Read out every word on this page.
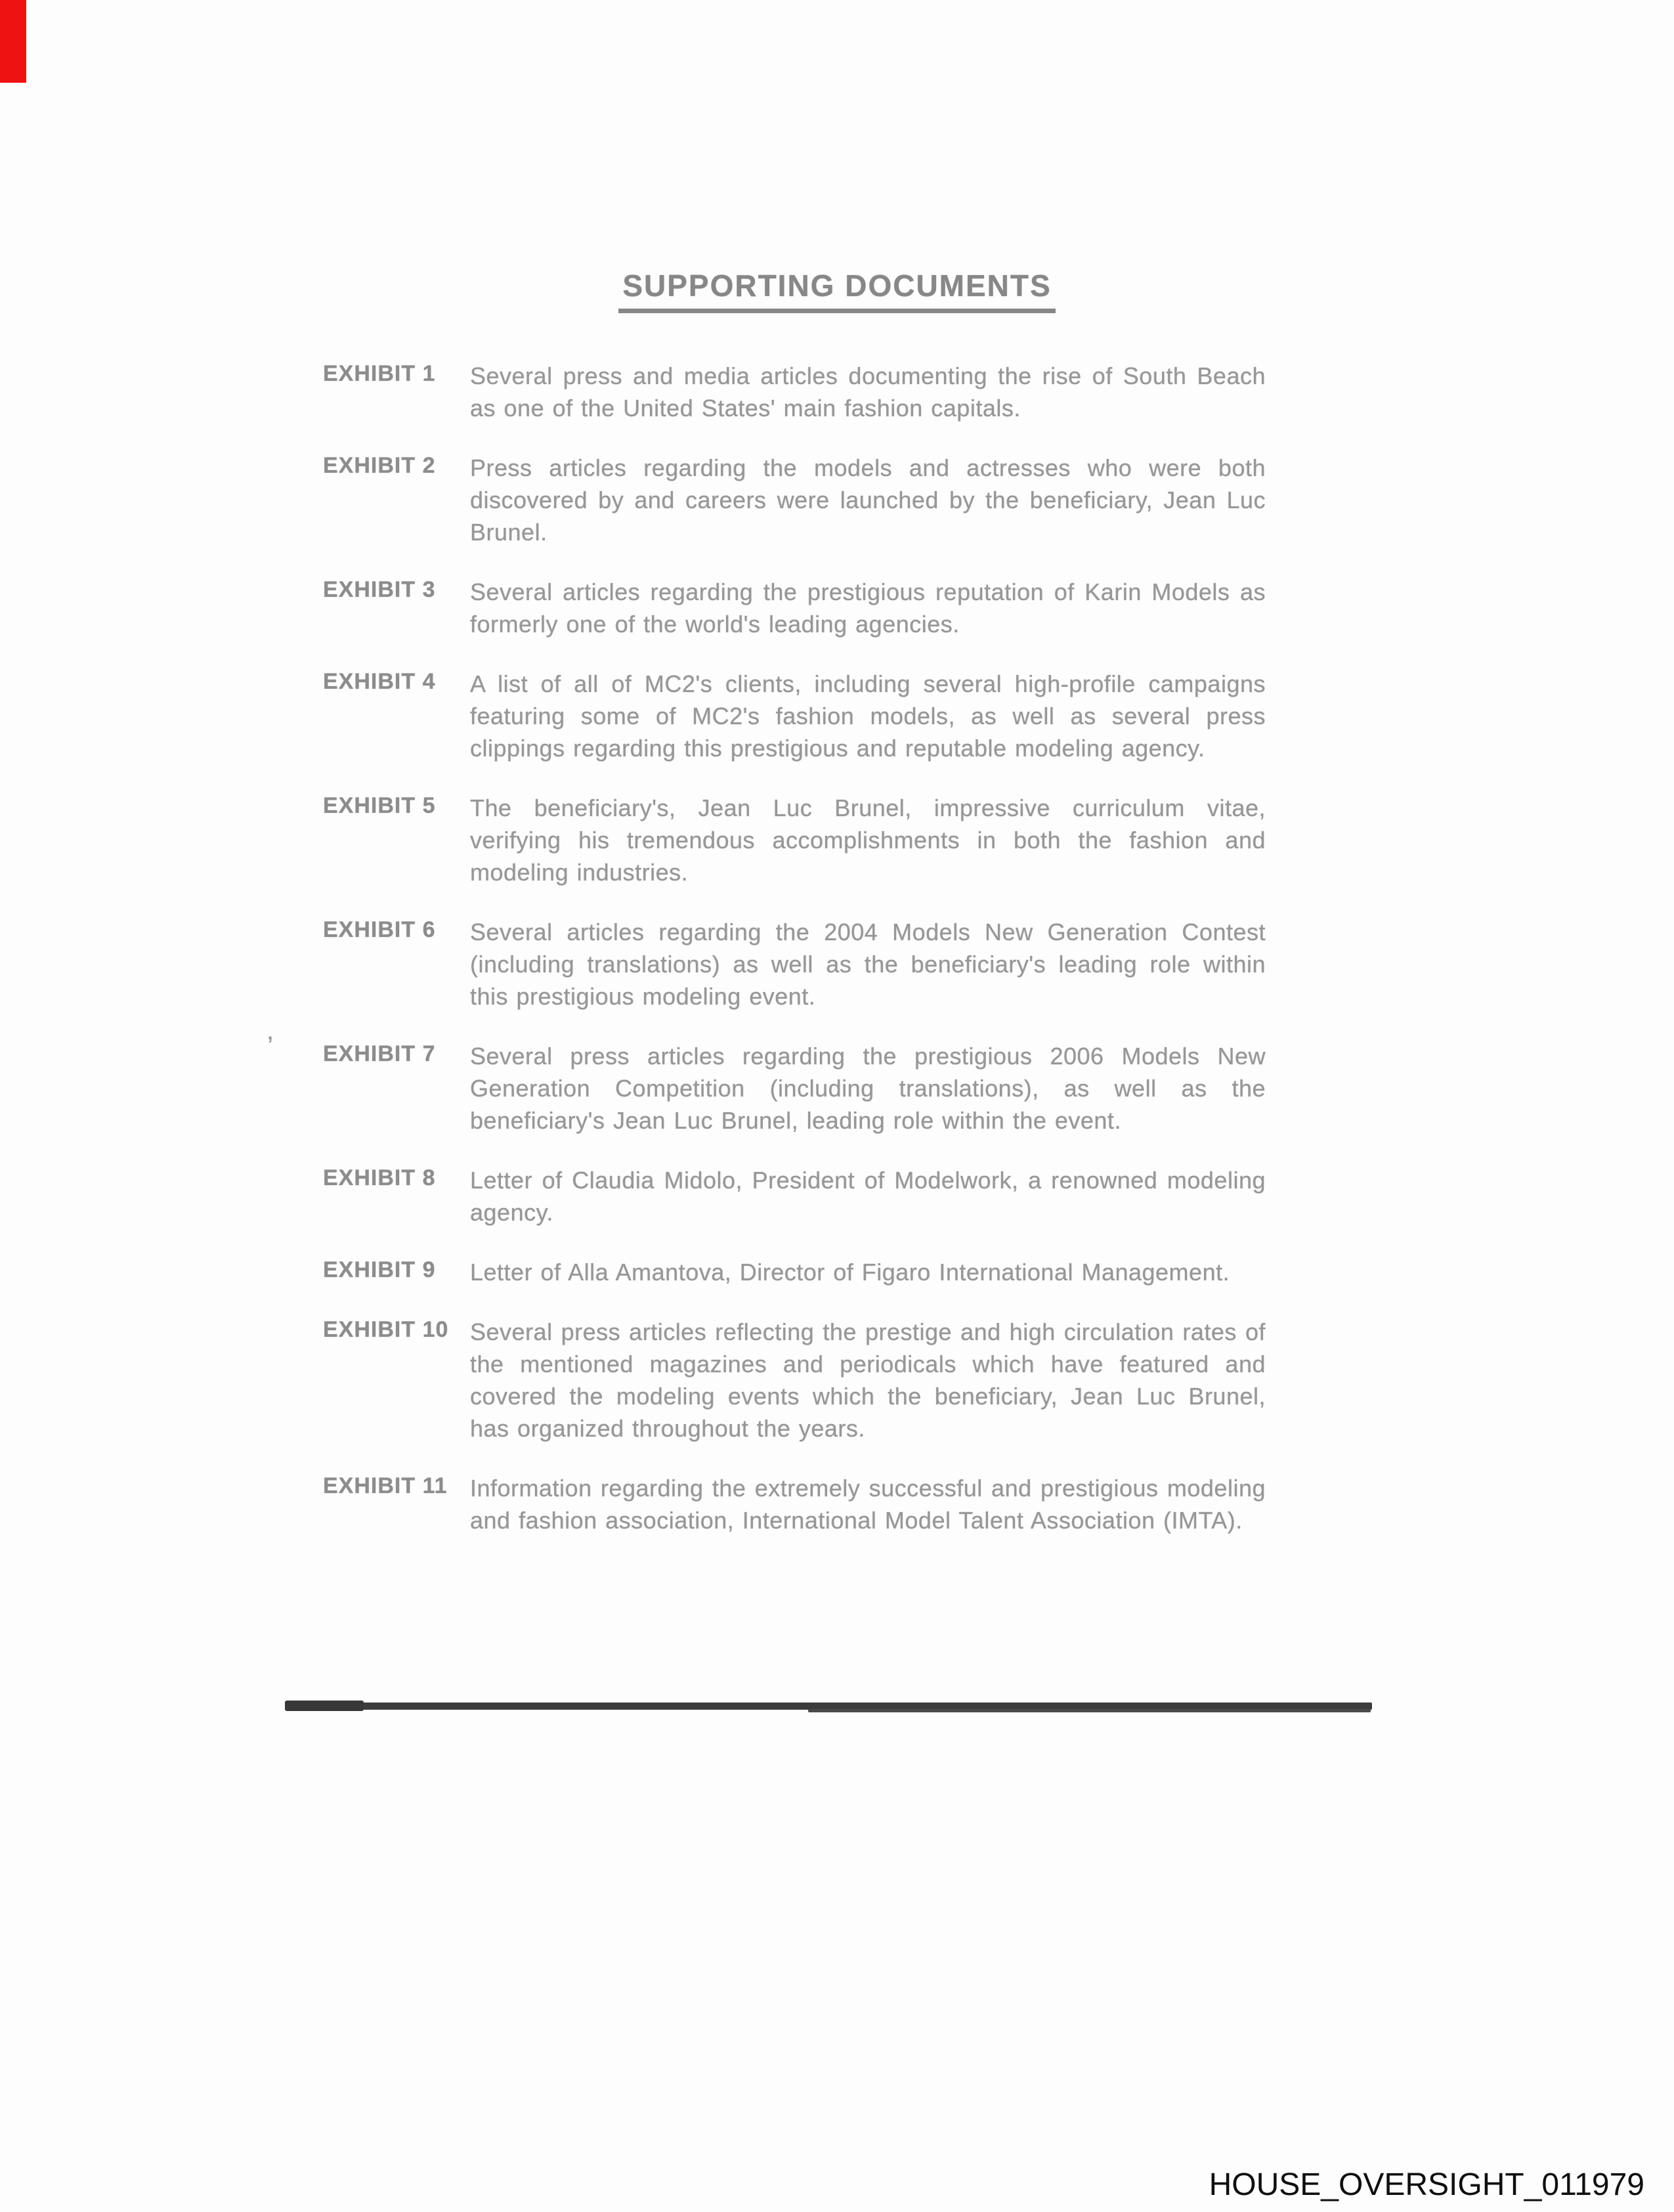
SUPPORTING DOCUMENTS
,
EXHIBIT 1	Several press and media articles documenting the rise of South Beach as one of the United States' main fashion capitals.
EXHIBIT 2	Press articles regarding the models and actresses who were both discovered by and careers were launched by the beneficiary, Jean Luc Brunel.
EXHIBIT 3	Several articles regarding the prestigious reputation of Karin Models as formerly one of the world's leading agencies.
EXHIBIT 4	A list of all of MC2's clients, including several high-profile campaigns featuring some of MC2's fashion models, as well as several press clippings regarding this prestigious and reputable modeling agency.
EXHIBIT 5	The beneficiary's, Jean Luc Brunel, impressive curriculum vitae, verifying his tremendous accomplishments in both the fashion and modeling industries.
EXHIBIT 6	Several articles regarding the 2004 Models New Generation Contest (including translations) as well as the beneficiary's leading role within this prestigious modeling event.
EXHIBIT 7	Several press articles regarding the prestigious 2006 Models New Generation Competition (including translations), as well as the beneficiary's Jean Luc Brunel, leading role within the event.
EXHIBIT 8	Letter of Claudia Midolo, President of Modelwork, a renowned modeling agency.
EXHIBIT 9	Letter of Alla Amantova, Director of Figaro International Management.
EXHIBIT 10 Several press articles reflecting the prestige and high circulation rates of the mentioned magazines and periodicals which have featured and covered the modeling events which the beneficiary, Jean Luc Brunel, has organized throughout the years.
EXHIBIT 11 Information regarding the extremely successful and prestigious modeling and fashion association, International Model Talent Association (IMTA).
HOUSE_OVERSIGHT_011979
